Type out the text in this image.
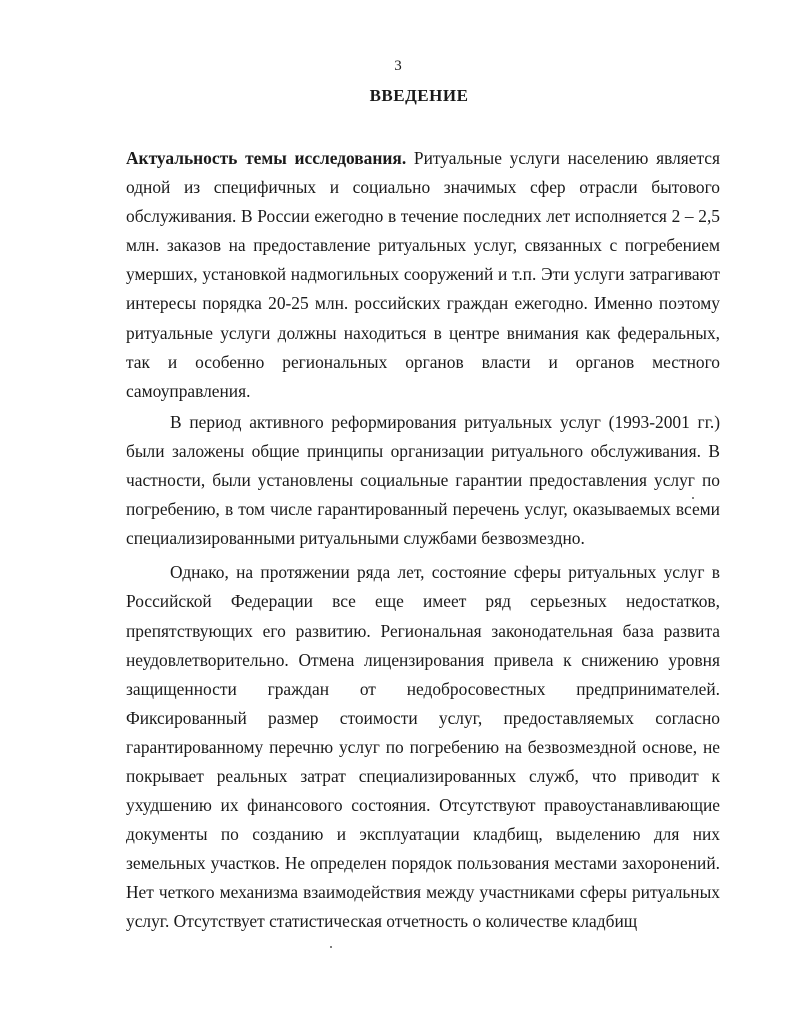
3
ВВЕДЕНИЕ

Актуальность темы исследования. Ритуальные услуги населению является одной из специфичных и социально значимых сфер отрасли бытового обслуживания. В России ежегодно в течение последних лет исполняется 2 – 2,5 млн. заказов на предоставление ритуальных услуг, связанных с погребением умерших, установкой надмогильных сооружений и т.п. Эти услуги затрагивают интересы порядка 20-25 млн. российских граждан ежегодно. Именно поэтому ритуальные услуги должны находиться в центре внимания как федеральных, так и особенно региональных органов власти и органов местного самоуправления.

В период активного реформирования ритуальных услуг (1993-2001 гг.) были заложены общие принципы организации ритуального обслуживания. В частности, были установлены социальные гарантии предоставления услуг по погребению, в том числе гарантированный перечень услуг, оказываемых всеми специализированными ритуальными службами безвозмездно.

Однако, на протяжении ряда лет, состояние сферы ритуальных услуг в Российской Федерации все еще имеет ряд серьезных недостатков, препятствующих его развитию. Региональная законодательная база развита неудовлетворительно. Отмена лицензирования привела к снижению уровня защищенности граждан от недобросовестных предпринимателей. Фиксированный размер стоимости услуг, предоставляемых согласно гарантированному перечню услуг по погребению на безвозмездной основе, не покрывает реальных затрат специализированных служб, что приводит к ухудшению их финансового состояния. Отсутствуют правоустанавливающие документы по созданию и эксплуатации кладбищ, выделению для них земельных участков. Не определен порядок пользования местами захоронений. Нет четкого механизма взаимодействия между участниками сферы ритуальных услуг. Отсутствует статистическая отчетность о количестве кладбищ
